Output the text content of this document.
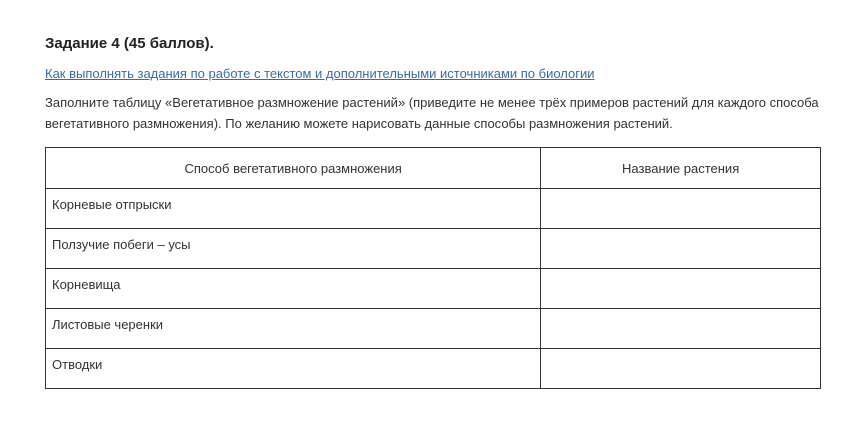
Задание 4 (45 баллов).
Как выполнять задания по работе с текстом и дополнительными источниками по биологии
Заполните таблицу «Вегетативное размножение растений» (приведите не менее трёх примеров растений для каждого способа вегетативного размножения). По желанию можете нарисовать данные способы размножения растений.
Способ вегетативного размножения	Название растения
Корневые отпрыски	
Ползучие побеги – усы	
Корневища	
Листовые черенки	
Отводки	
